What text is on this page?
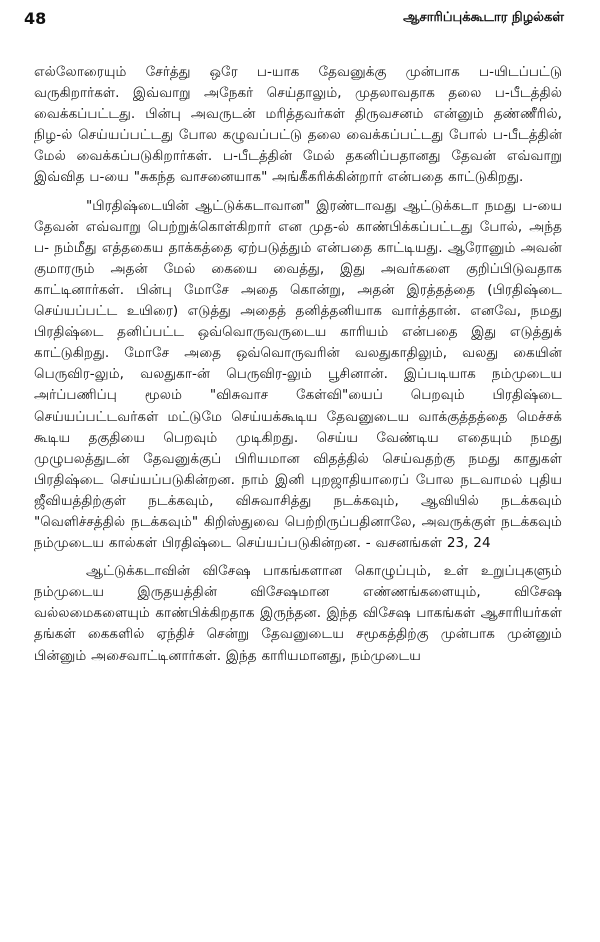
48	ஆசாரிப்புக்கூடார நிழல்கள்

எல்லோரையும் சேர்த்து ஒரே ப-யாக தேவனுக்கு முன்பாக ப-யிடப்பட்டு வருகிறார்கள். இவ்வாறு அநேகர் செய்தாலும், முதலாவதாக தலை ப-பீடத்தில் வைக்கப்பட்டது. பின்பு அவருடன் மரித்தவர்கள் திருவசனம் என்னும் தண்ணீரில், நிழ-ல் செய்யப்பட்டது போல கழுவப்பட்டு தலை வைக்கப்பட்டது போல் ப-பீடத்தின் மேல் வைக்கப்படுகிறார்கள். ப-பீடத்தின் மேல் தகனிப்பதானது தேவன் எவ்வாறு இவ்வித ப-யை "சுகந்த வாசனையாக" அங்கீகரிக்கின்றார் என்பதை காட்டுகிறது.

"பிரதிஷ்டையின் ஆட்டுக்கடாவான" இரண்டாவது ஆட்டுக்கடா நமது ப-யை தேவன் எவ்வாறு பெற்றுக்கொள்கிறார் என முத-ல் காண்பிக்கப்பட்டது போல், அந்த ப- நம்மீது எத்தகைய தாக்கத்தை ஏற்படுத்தும் என்பதை காட்டியது. ஆரோனும் அவன் குமாரரும் அதன் மேல் கையை வைத்து, இது அவர்களை குறிப்பிடுவதாக காட்டினார்கள். பின்பு மோசே அதை கொன்று, அதன் இரத்தத்தை (பிரதிஷ்டை செய்யப்பட்ட உயிரை) எடுத்து அதைத் தனித்தனியாக வார்த்தான். எனவே, நமது பிரதிஷ்டை தனிப்பட்ட ஒவ்வொருவருடைய காரியம் என்பதை இது எடுத்துக் காட்டுகிறது. மோசே அதை ஒவ்வொருவரின் வலதுகாதிலும், வலது கையின் பெருவிர-லும், வலதுகா-ன் பெருவிர-லும் பூசினான். இப்படியாக நம்முடைய அர்ப்பணிப்பு மூலம் "விசுவாச கேள்வி"யைப் பெறவும் பிரதிஷ்டை செய்யப்பட்டவர்கள் மட்டுமே செய்யக்கூடிய தேவனுடைய வாக்குத்தத்தை மெச்சக் கூடிய தகுதியை பெறவும் முடிகிறது. செய்ய வேண்டிய எதையும் நமது முழுபலத்துடன் தேவனுக்குப் பிரியமான விதத்தில் செய்வதற்கு நமது காதுகள் பிரதிஷ்டை செய்யப்படுகின்றன. நாம் இனி புறஜாதியாரைப் போல நடவாமல் புதிய ஜீவியத்திற்குள் நடக்கவும், விசுவாசித்து நடக்கவும், ஆவியில் நடக்கவும் "வெளிச்சத்தில் நடக்கவும்" கிறிஸ்துவை பெற்றிருப்பதினாலே, அவருக்குள் நடக்கவும் நம்முடைய கால்கள் பிரதிஷ்டை செய்யப்படுகின்றன. - வசனங்கள் 23, 24

ஆட்டுக்கடாவின் விசேஷ பாகங்களான கொழுப்பும், உள் உறுப்புகளும் நம்முடைய இருதயத்தின் விசேஷமான எண்ணங்களையும், விசேஷ வல்லமைகளையும் காண்பிக்கிறதாக இருந்தன. இந்த விசேஷ பாகங்கள் ஆசாரியர்கள் தங்கள் கைகளில் ஏந்திச் சென்று தேவனுடைய சமூகத்திற்கு முன்பாக முன்னும் பின்னும் அசைவாட்டினார்கள். இந்த காரியமானது, நம்முடைய
